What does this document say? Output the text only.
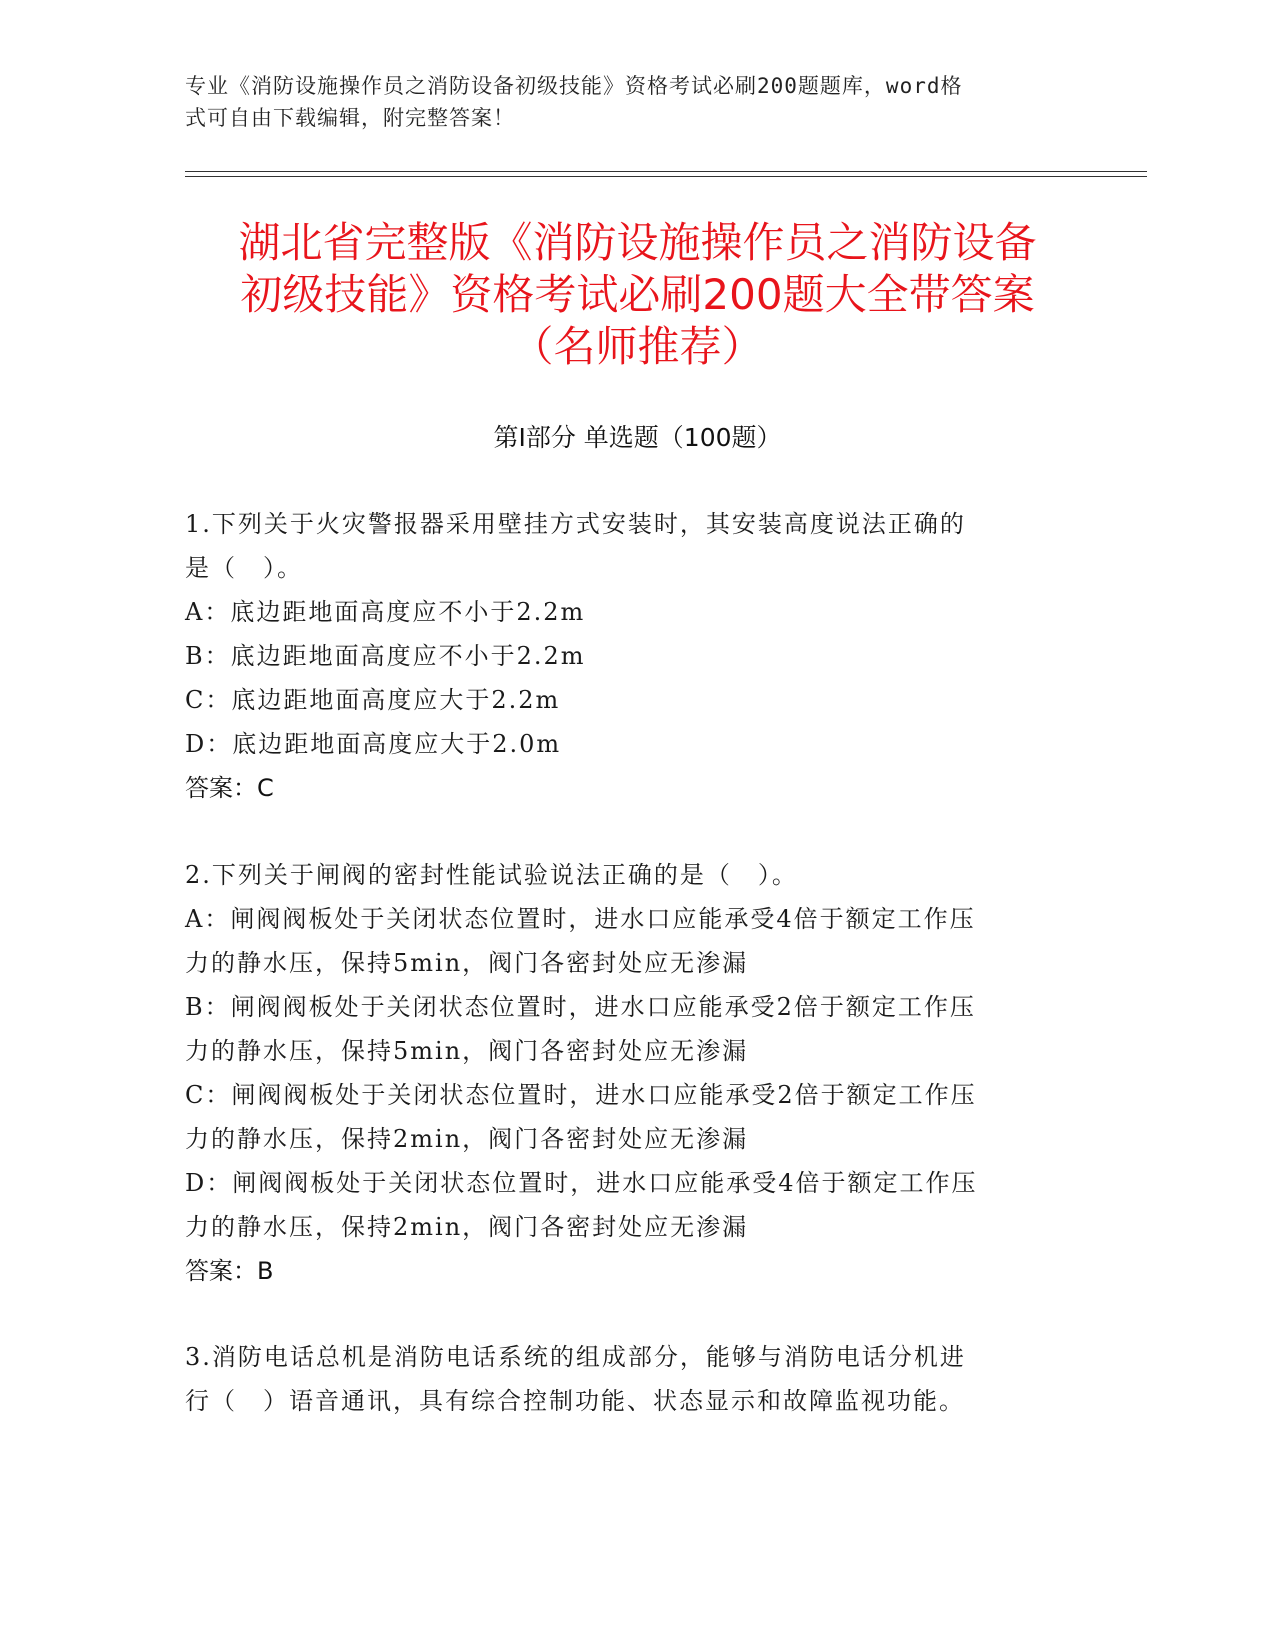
专业《消防设施操作员之消防设备初级技能》资格考试必刷200题题库，word格
式可自由下载编辑，附完整答案！
湖北省完整版《消防设施操作员之消防设备
初级技能》资格考试必刷200题大全带答案
（名师推荐）
第Ⅰ部分 单选题（100题）
1.下列关于火灾警报器采用壁挂方式安装时，其安装高度说法正确的
是（　）。
A：底边距地面高度应不小于2.2m
B：底边距地面高度应不小于2.2m
C：底边距地面高度应大于2.2m
D：底边距地面高度应大于2.0m
答案：C
2.下列关于闸阀的密封性能试验说法正确的是（　）。
A：闸阀阀板处于关闭状态位置时，进水口应能承受4倍于额定工作压
力的静水压，保持5min，阀门各密封处应无渗漏
B：闸阀阀板处于关闭状态位置时，进水口应能承受2倍于额定工作压
力的静水压，保持5min，阀门各密封处应无渗漏
C：闸阀阀板处于关闭状态位置时，进水口应能承受2倍于额定工作压
力的静水压，保持2min，阀门各密封处应无渗漏
D：闸阀阀板处于关闭状态位置时，进水口应能承受4倍于额定工作压
力的静水压，保持2min，阀门各密封处应无渗漏
答案：B
3.消防电话总机是消防电话系统的组成部分，能够与消防电话分机进
行（　）语音通讯，具有综合控制功能、状态显示和故障监视功能。
